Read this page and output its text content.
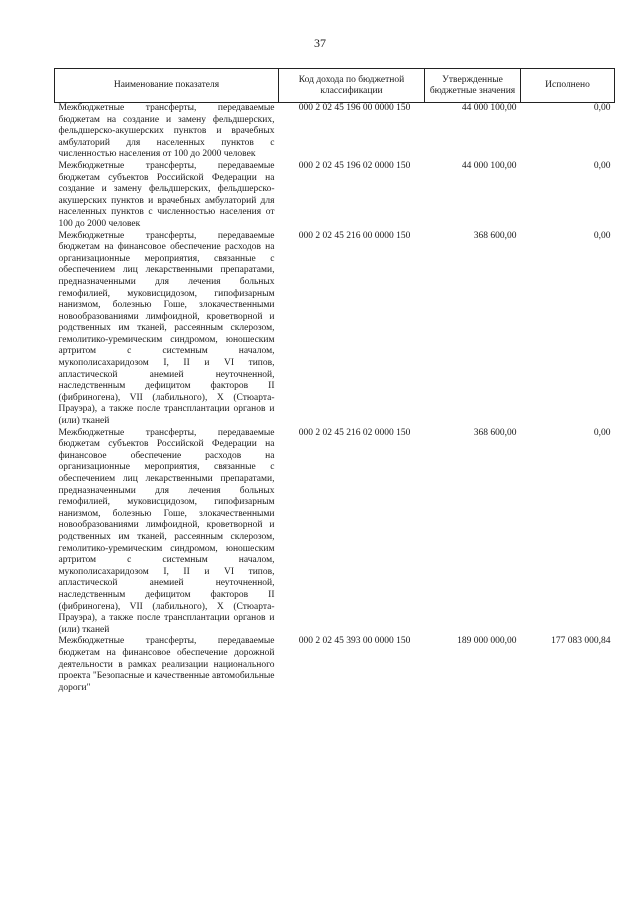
37
Наименование показателя	Код дохода по бюджетной классификации	Утвержденные бюджетные значения	Исполнено
Межбюджетные трансферты, передаваемые бюджетам на создание и замену фельдшерских, фельдшерско-акушерских пунктов и врачебных амбулаторий для населенных пунктов с численностью населения от 100 до 2000 человек	000 2 02 45 196 00 0000 150	44 000 100,00	0,00
Межбюджетные трансферты, передаваемые бюджетам субъектов Российской Федерации на создание и замену фельдшерских, фельдшерско-акушерских пунктов и врачебных амбулаторий для населенных пунктов с численностью населения от 100 до 2000 человек	000 2 02 45 196 02 0000 150	44 000 100,00	0,00
Межбюджетные трансферты, передаваемые бюджетам на финансовое обеспечение расходов на организационные мероприятия, связанные с обеспечением лиц лекарственными препаратами, предназначенными для лечения больных гемофилией, муковисцидозом, гипофизарным нанизмом, болезнью Гоше, злокачественными новообразованиями лимфоидной, кроветворной и родственных им тканей, рассеянным склерозом, гемолитико-уремическим синдромом, юношеским артритом с системным началом, мукополисахаридозом I, II и VI типов, апластической анемией неуточненной, наследственным дефицитом факторов II (фибриногена), VII (лабильного), X (Стюарта-Прауэра), а также после трансплантации органов и (или) тканей	000 2 02 45 216 00 0000 150	368 600,00	0,00
Межбюджетные трансферты, передаваемые бюджетам субъектов Российской Федерации на финансовое обеспечение расходов на организационные мероприятия, связанные с обеспечением лиц лекарственными препаратами, предназначенными для лечения больных гемофилией, муковисцидозом, гипофизарным нанизмом, болезнью Гоше, злокачественными новообразованиями лимфоидной, кроветворной и родственных им тканей, рассеянным склерозом, гемолитико-уремическим синдромом, юношеским артритом с системным началом, мукополисахаридозом I, II и VI типов, апластической анемией неуточненной, наследственным дефицитом факторов II (фибриногена), VII (лабильного), X (Стюарта-Прауэра), а также после трансплантации органов и (или) тканей	000 2 02 45 216 02 0000 150	368 600,00	0,00
Межбюджетные трансферты, передаваемые бюджетам на финансовое обеспечение дорожной деятельности в рамках реализации национального проекта "Безопасные и качественные автомобильные дороги"	000 2 02 45 393 00 0000 150	189 000 000,00	177 083 000,84
